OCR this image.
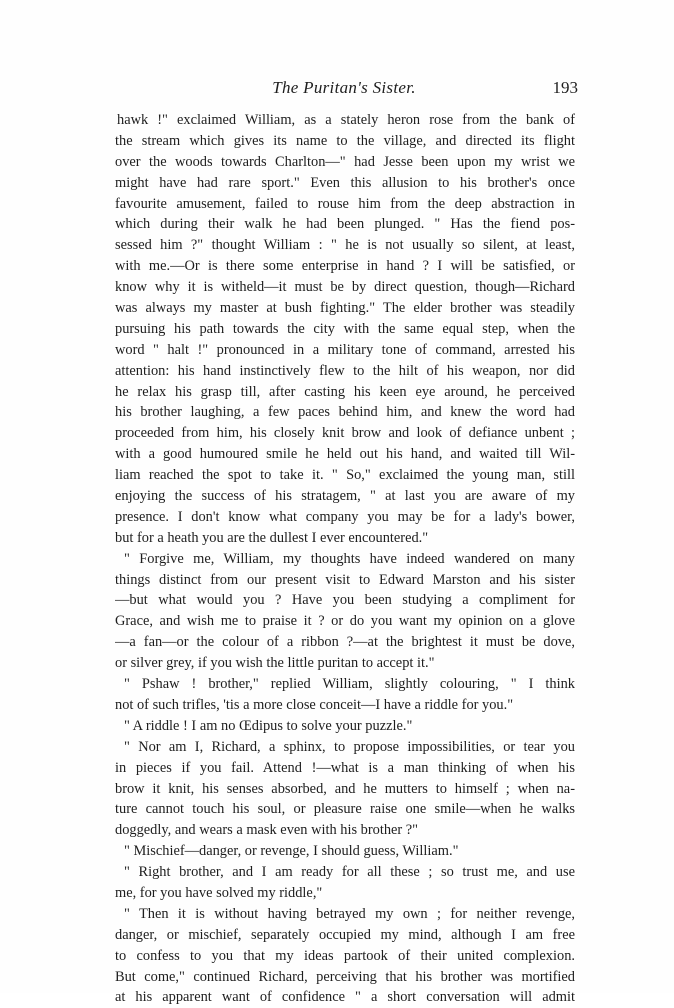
The Puritan's Sister.	193
hawk !" exclaimed William, as a stately heron rose from the bank of
the stream which gives its name to the village, and directed its flight
over the woods towards Charlton—" had Jesse been upon my wrist we
might have had rare sport." Even this allusion to his brother's once
favourite amusement, failed to rouse him from the deep abstraction in
which during their walk he had been plunged. " Has the fiend pos-
sessed him ?" thought William : " he is not usually so silent, at least,
with me.—Or is there some enterprise in hand ? I will be satisfied, or
know why it is witheld—it must be by direct question, though—Richard
was always my master at bush fighting." The elder brother was steadily
pursuing his path towards the city with the same equal step, when the
word " halt !" pronounced in a military tone of command, arrested his
attention: his hand instinctively flew to the hilt of his weapon, nor did
he relax his grasp till, after casting his keen eye around, he perceived
his brother laughing, a few paces behind him, and knew the word had
proceeded from him, his closely knit brow and look of defiance unbent ;
with a good humoured smile he held out his hand, and waited till Wil-
liam reached the spot to take it. " So," exclaimed the young man, still
enjoying the success of his stratagem, " at last you are aware of my
presence. I don't know what company you may be for a lady's bower,
but for a heath you are the dullest I ever encountered."
" Forgive me, William, my thoughts have indeed wandered on many
things distinct from our present visit to Edward Marston and his sister
—but what would you ? Have you been studying a compliment for
Grace, and wish me to praise it ? or do you want my opinion on a glove
—a fan—or the colour of a ribbon ?—at the brightest it must be dove,
or silver grey, if you wish the little puritan to accept it."
" Pshaw ! brother," replied William, slightly colouring, " I think
not of such trifles, 'tis a more close conceit—I have a riddle for you."
" A riddle ! I am no Œdipus to solve your puzzle."
" Nor am I, Richard, a sphinx, to propose impossibilities, or tear you
in pieces if you fail. Attend !—what is a man thinking of when his
brow it knit, his senses absorbed, and he mutters to himself ; when na-
ture cannot touch his soul, or pleasure raise one smile—when he walks
doggedly, and wears a mask even with his brother ?"
" Mischief—danger, or revenge, I should guess, William."
" Right brother, and I am ready for all these ; so trust me, and use
me, for you have solved my riddle,"
" Then it is without having betrayed my own ; for neither revenge,
danger, or mischief, separately occupied my mind, although I am free
to confess to you that my ideas partook of their united complexion.
But come," continued Richard, perceiving that his brother was mortified
at his apparent want of confidence " a short conversation will admit
